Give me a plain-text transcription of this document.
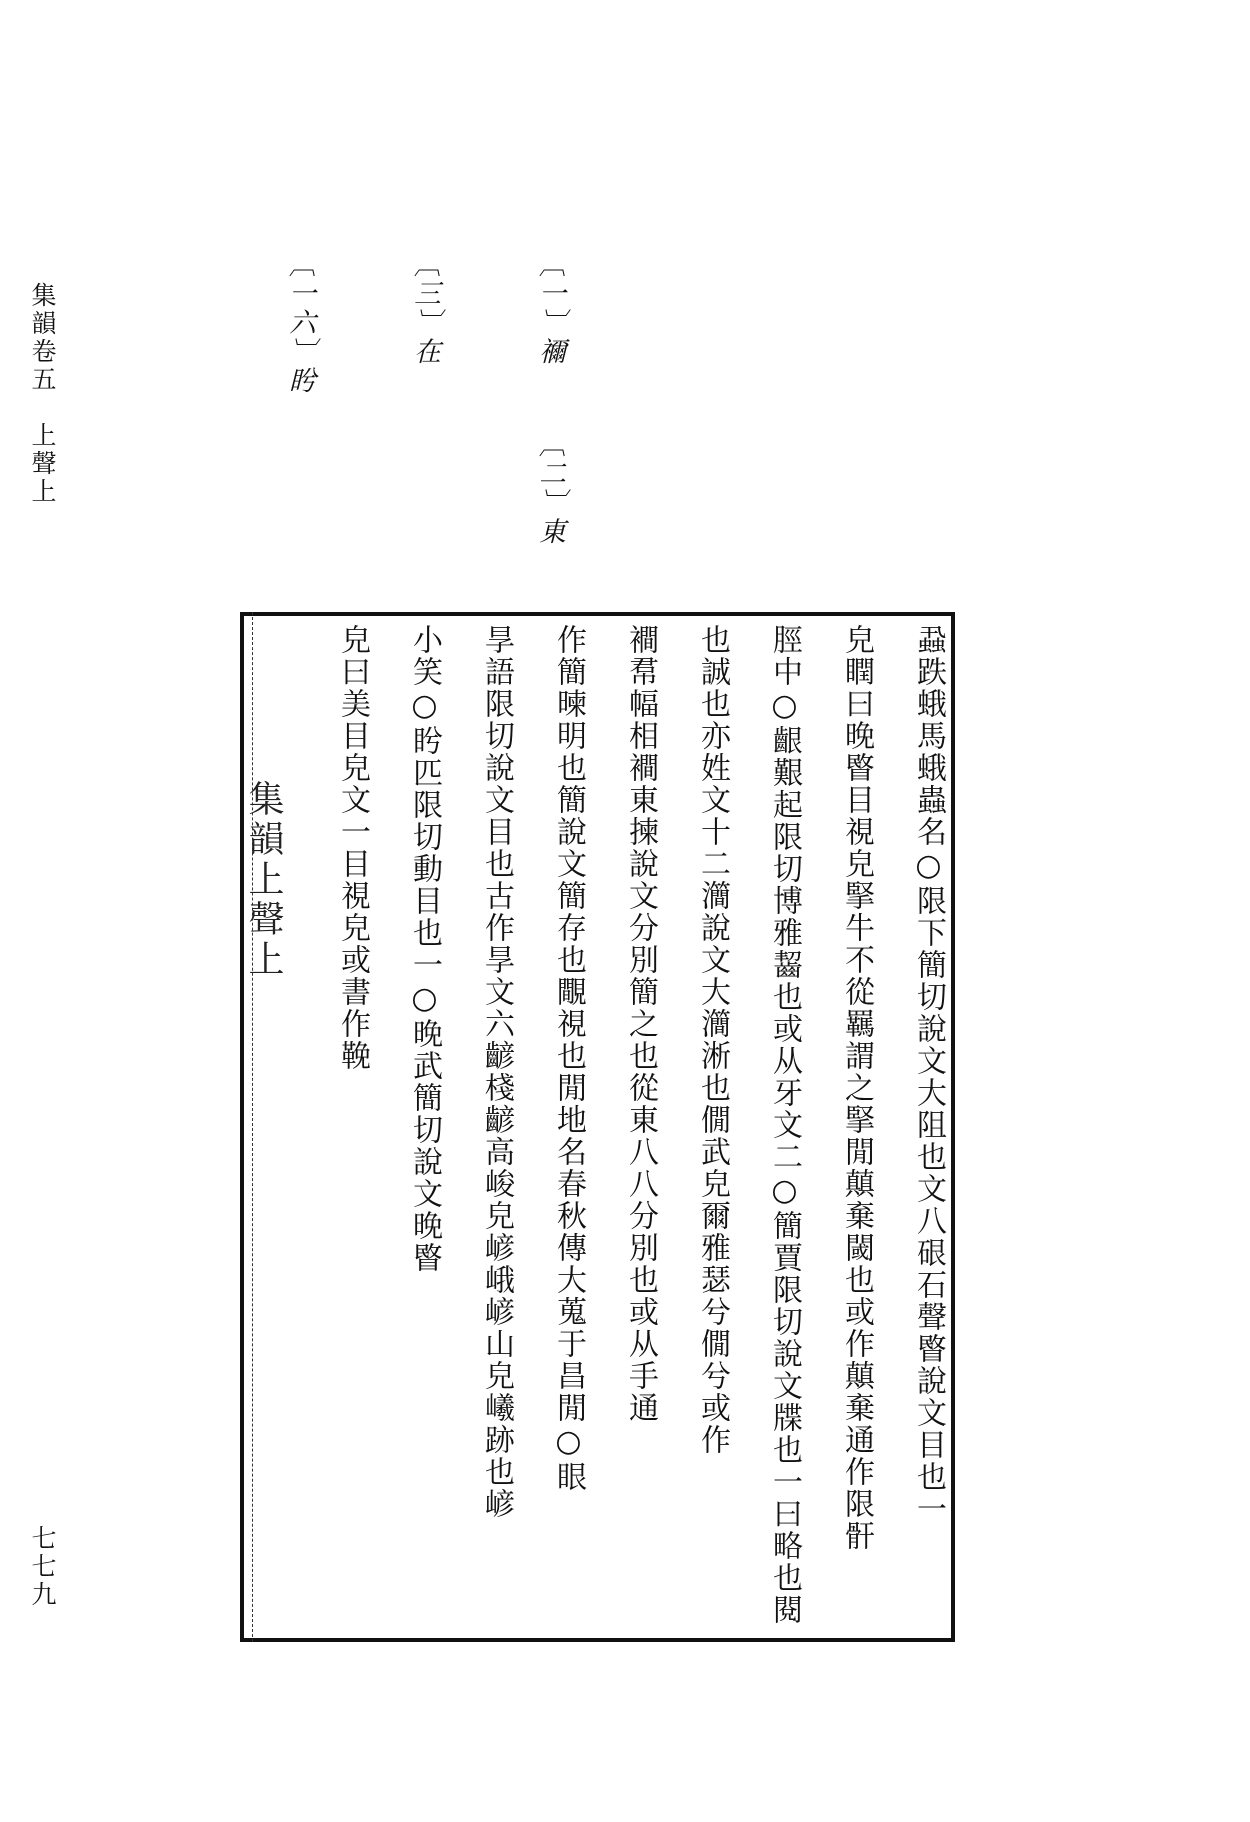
集韻卷五　上聲上
七七九
〔一〕禰
〔二〕東
〔三〕在
〔一六〕盻
蝨跌蛾馬蛾蟲名○限下簡切說文大阻也文八硍石聲睯說文目也一
皃瞤曰晚睯目視皃掔牛不從羈謂之掔閒㒹棄閾也或作㒹棄通作限骭
脛中○齦艱起限切博雅齧也或从牙文二○簡賈限切說文牒也一曰略也閱
也誠也亦姓文十二㶕說文大㶕淅也僩武皃爾雅瑟兮僩兮或作
襇帬幅相襇東揀說文分別簡之也從東八八分別也或从手通
作簡暕明也簡說文簡存也覸視也閒地名春秋傳大蒐于昌閒○眼
㫗語限切說文目也古作㫗文六齴棧齴高峻皃嵃峨嵃山皃𡾞跡也嵃
小笑○盻匹限切動目也一○晚武簡切說文晚睯
皃曰美目皃文一目視皃或書作鞔
集韻上聲上
